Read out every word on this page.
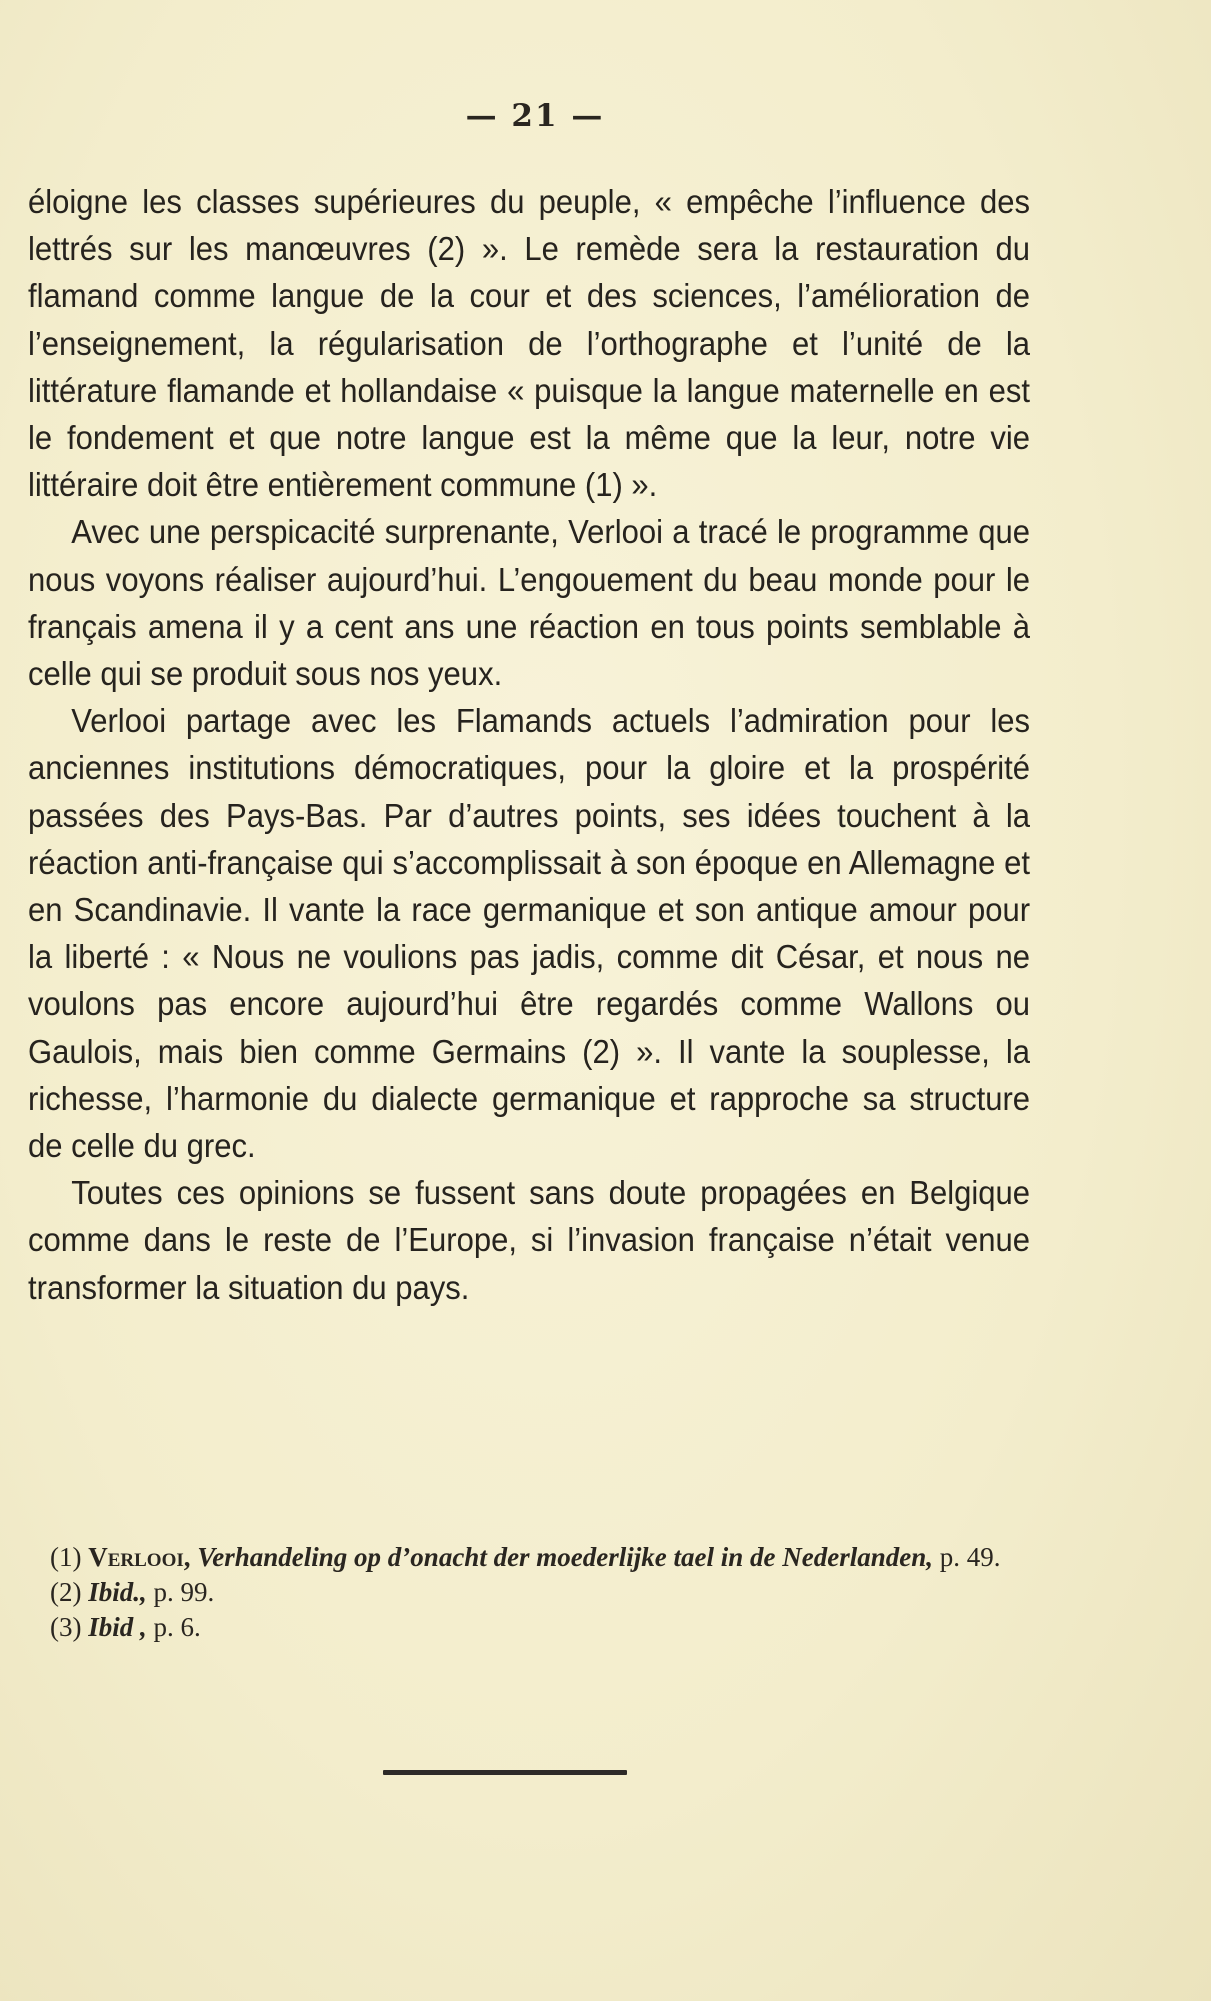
— 21 —

éloigne les classes supérieures du peuple, « empêche l’influence des lettrés sur les manœuvres (2) ». Le remède sera la restauration du flamand comme langue de la cour et des sciences, l’amélioration de l’enseignement, la régularisation de l’orthographe et l’unité de la littérature flamande et hollandaise « puisque la langue maternelle en est le fondement et que notre langue est la même que la leur, notre vie littéraire doit être entièrement commune (1) ».

Avec une perspicacité surprenante, Verlooi a tracé le programme que nous voyons réaliser aujourd’hui. L’engouement du beau monde pour le français amena il y a cent ans une réaction en tous points semblable à celle qui se produit sous nos yeux.

Verlooi partage avec les Flamands actuels l’admiration pour les anciennes institutions démocratiques, pour la gloire et la prospérité passées des Pays-Bas. Par d’autres points, ses idées touchent à la réaction anti-française qui s’accomplissait à son époque en Allemagne et en Scandinavie. Il vante la race germanique et son antique amour pour la liberté : « Nous ne voulions pas jadis, comme dit César, et nous ne voulons pas encore aujourd’hui être regardés comme Wallons ou Gaulois, mais bien comme Germains (2) ». Il vante la souplesse, la richesse, l’harmonie du dialecte germanique et rapproche sa structure de celle du grec.

Toutes ces opinions se fussent sans doute propagées en Belgique comme dans le reste de l’Europe, si l’invasion française n’était venue transformer la situation du pays.

(1) Verlooi, Verhandeling op d’onacht der moederlijke tael in de Nederlanden, p. 49.

(2) Ibid., p. 99.

(3) Ibid , p. 6.
